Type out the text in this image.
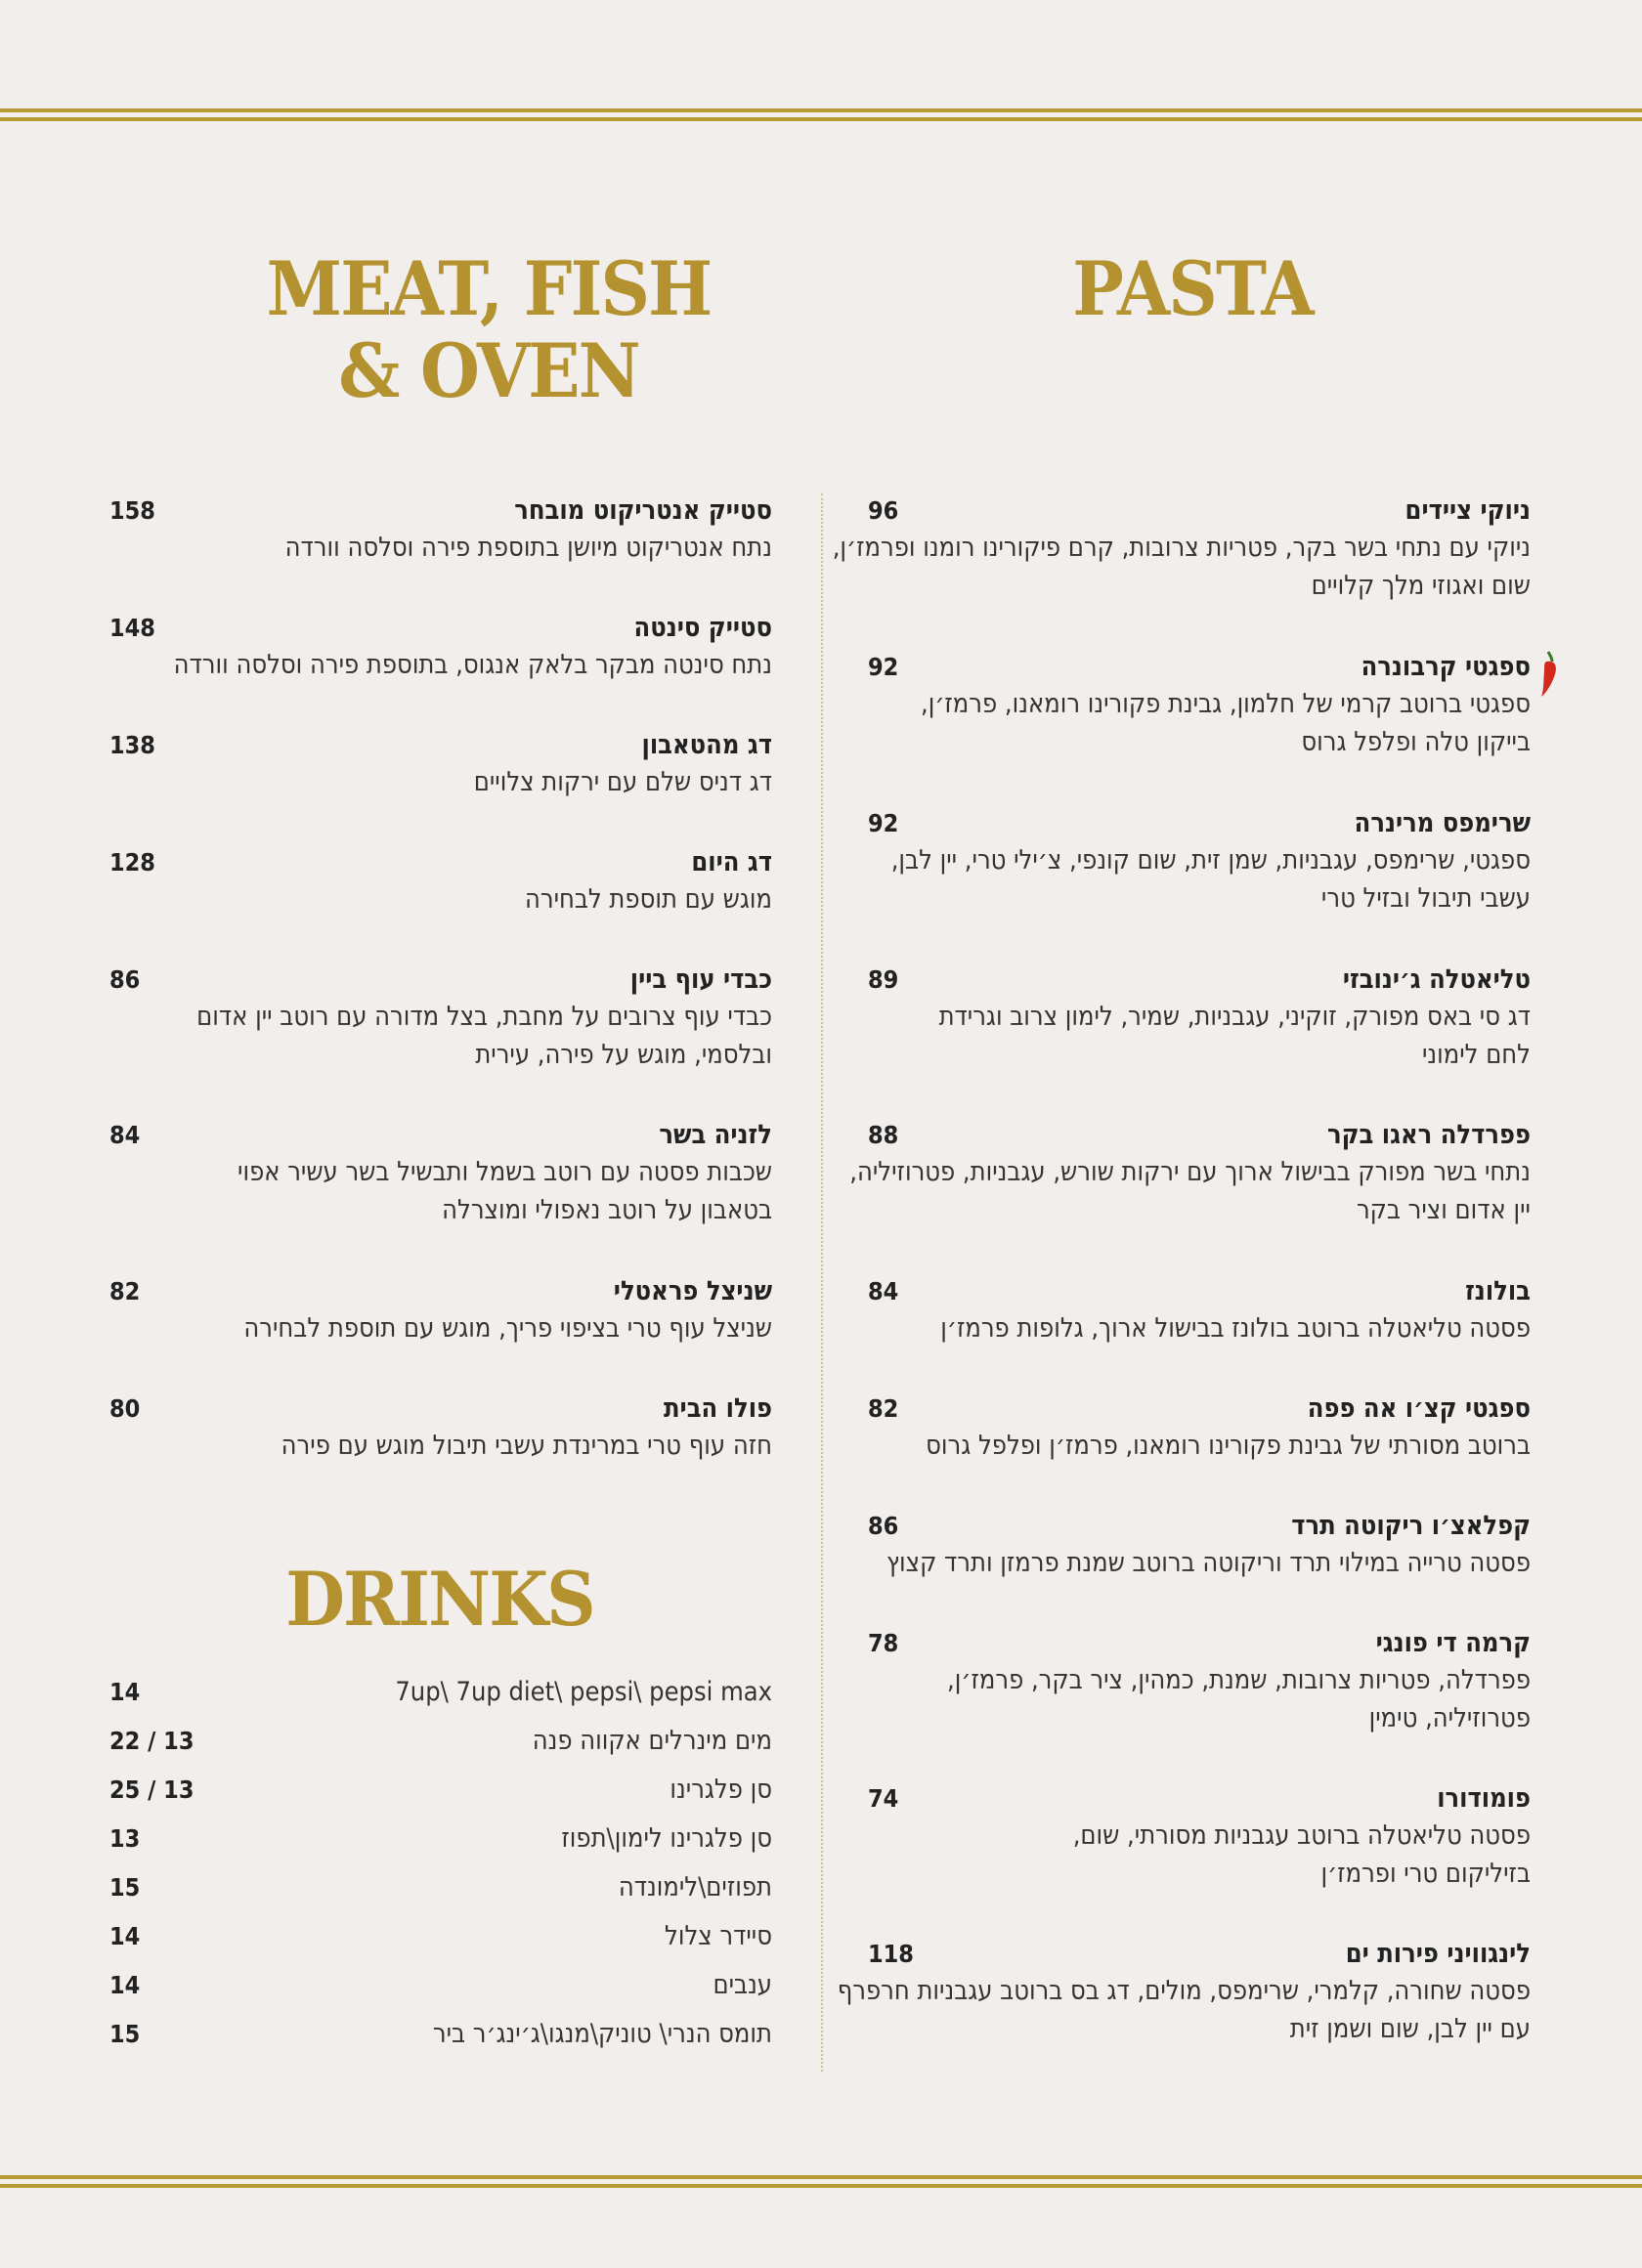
PASTA
MEAT, FISH
& OVEN
ניוקי ציידים
ניוקי עם נתחי בשר בקר, פטריות צרובות, קרם פיקורינו רומנו ופרמז׳ן,
שום ואגוזי מלך קלויים
96
ספגטי קרבונרה
ספגטי ברוטב קרמי של חלמון, גבינת פקורינו רומאנו, פרמז׳ן,
בייקון טלה ופלפל גרוס
92
שרימפס מרינרה
ספגטי, שרימפס, עגבניות, שמן זית, שום קונפי, צ׳ילי טרי, יין לבן,
עשבי תיבול ובזיל טרי
92
טליאטלה ג׳ינובזי
דג סי באס מפורק, זוקיני, עגבניות, שמיר, לימון צרוב וגרידת
לחם לימוני
89
פפרדלה ראגו בקר
נתחי בשר מפורק בבישול ארוך עם ירקות שורש, עגבניות, פטרוזיליה,
יין אדום וציר בקר
88
בולונז
פסטה טליאטלה ברוטב בולונז בבישול ארוך, גלופות פרמז׳ן
84
ספגטי קצ׳ו אה פפה
ברוטב מסורתי של גבינת פקורינו רומאנו, פרמז׳ן ופלפל גרוס
82
קפלאצ׳ו ריקוטה תרד
פסטה טרייה במילוי תרד וריקוטה ברוטב שמנת פרמזן ותרד קצוץ
86
קרמה די פונגי
פפרדלה, פטריות צרובות, שמנת, כמהין, ציר בקר, פרמז׳ן,
פטרוזיליה, טימין
78
פומודורו
פסטה טליאטלה ברוטב עגבניות מסורתי, שום,
בזיליקום טרי ופרמז׳ן
74
לינגוויני פירות ים
פסטה שחורה, קלמרי, שרימפס, מולים, דג בס ברוטב עגבניות חרפרף
עם יין לבן, שום ושמן זית
118
סטייק אנטריקוט מובחר
נתח אנטריקוט מיושן בתוספת פירה וסלסה וורדה
158
סטייק סינטה
נתח סינטה מבקר בלאק אנגוס, בתוספת פירה וסלסה וורדה
148
דג מהטאבון
דג דניס שלם עם ירקות צלויים
138
דג היום
מוגש עם תוספת לבחירה
128
כבדי עוף ביין
כבדי עוף צרובים על מחבת, בצל מדורה עם רוטב יין אדום
ובלסמי, מוגש על פירה, עירית
86
לזניה בשר
שכבות פסטה עם רוטב בשמל ותבשיל בשר עשיר אפוי
בטאבון על רוטב נאפולי ומוצרלה
84
שניצל פראטלי
שניצל עוף טרי בציפוי פריך, מוגש עם תוספת לבחירה
82
פולו הבית
חזה עוף טרי במרינדת עשבי תיבול מוגש עם פירה
80
DRINKS
7up\ 7up diet\ pepsi\ pepsi max
14
מים מינרלים אקווה פנה
22 / 13
סן פלגרינו
25 / 13
סן פלגרינו לימון\תפוז
13
תפוזים\לימונדה
15
סיידר צלול
14
ענבים
14
תומס הנרי\ טוניק\מנגו\ג׳ינג׳ר ביר
15
